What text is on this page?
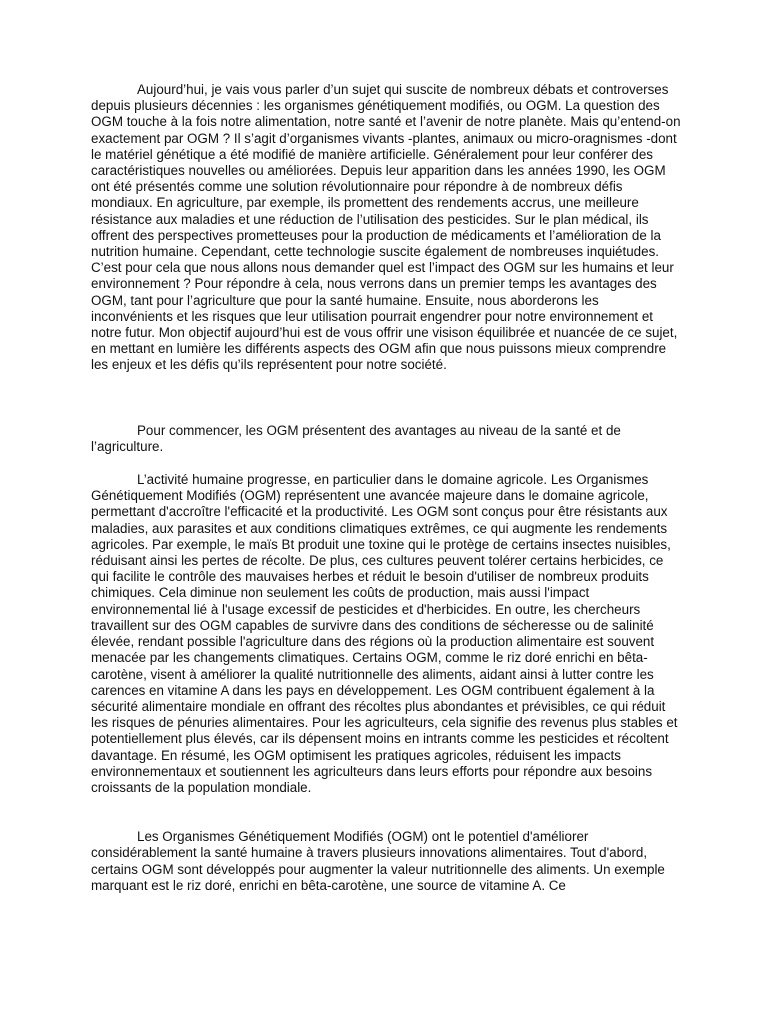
Aujourd’hui, je vais vous parler d’un sujet qui suscite de nombreux débats et controverses depuis plusieurs décennies : les organismes génétiquement modifiés, ou OGM. La question des OGM touche à la fois notre alimentation, notre santé et l’avenir de notre planète. Mais qu’entend-on exactement par OGM ? Il s’agit d’organismes vivants -plantes, animaux ou micro-oragnismes -dont le matériel génétique a été modifié de manière artificielle. Généralement pour leur conférer des caractéristiques nouvelles ou améliorées. Depuis leur apparition dans les années 1990, les OGM ont été présentés comme une solution révolutionnaire pour répondre à de nombreux défis mondiaux. En agriculture, par exemple, ils promettent des rendements accrus, une meilleure résistance aux maladies et une réduction de l’utilisation des pesticides. Sur le plan médical, ils offrent des perspectives prometteuses pour la production de médicaments et l’amélioration de la nutrition humaine. Cependant, cette technologie suscite également de nombreuses inquiétudes. C’est pour cela que nous allons nous demander quel est l’impact des OGM sur les humains et leur environnement ? Pour répondre à cela, nous verrons dans un premier temps les avantages des OGM, tant pour l’agriculture que pour la santé humaine. Ensuite, nous aborderons les inconvénients et les risques que leur utilisation pourrait engendrer pour notre environnement et notre futur. Mon objectif aujourd’hui est de vous offrir une visison équilibrée et nuancée de ce sujet, en mettant en lumière les différents aspects des OGM afin que nous puissons mieux comprendre les enjeux et les défis qu’ils représentent pour notre société.

Pour commencer, les OGM présentent des avantages au niveau de la santé et de l’agriculture.

L’activité humaine progresse, en particulier dans le domaine agricole. Les Organismes Génétiquement Modifiés (OGM) représentent une avancée majeure dans le domaine agricole, permettant d'accroître l'efficacité et la productivité. Les OGM sont conçus pour être résistants aux maladies, aux parasites et aux conditions climatiques extrêmes, ce qui augmente les rendements agricoles. Par exemple, le maïs Bt produit une toxine qui le protège de certains insectes nuisibles, réduisant ainsi les pertes de récolte. De plus, ces cultures peuvent tolérer certains herbicides, ce qui facilite le contrôle des mauvaises herbes et réduit le besoin d'utiliser de nombreux produits chimiques. Cela diminue non seulement les coûts de production, mais aussi l'impact environnemental lié à l'usage excessif de pesticides et d'herbicides. En outre, les chercheurs travaillent sur des OGM capables de survivre dans des conditions de sécheresse ou de salinité élevée, rendant possible l'agriculture dans des régions où la production alimentaire est souvent menacée par les changements climatiques. Certains OGM, comme le riz doré enrichi en bêta-carotène, visent à améliorer la qualité nutritionnelle des aliments, aidant ainsi à lutter contre les carences en vitamine A dans les pays en développement. Les OGM contribuent également à la sécurité alimentaire mondiale en offrant des récoltes plus abondantes et prévisibles, ce qui réduit les risques de pénuries alimentaires. Pour les agriculteurs, cela signifie des revenus plus stables et potentiellement plus élevés, car ils dépensent moins en intrants comme les pesticides et récoltent davantage. En résumé, les OGM optimisent les pratiques agricoles, réduisent les impacts environnementaux et soutiennent les agriculteurs dans leurs efforts pour répondre aux besoins croissants de la population mondiale.

Les Organismes Génétiquement Modifiés (OGM) ont le potentiel d'améliorer considérablement la santé humaine à travers plusieurs innovations alimentaires. Tout d'abord, certains OGM sont développés pour augmenter la valeur nutritionnelle des aliments. Un exemple marquant est le riz doré, enrichi en bêta-carotène, une source de vitamine A. Ce
